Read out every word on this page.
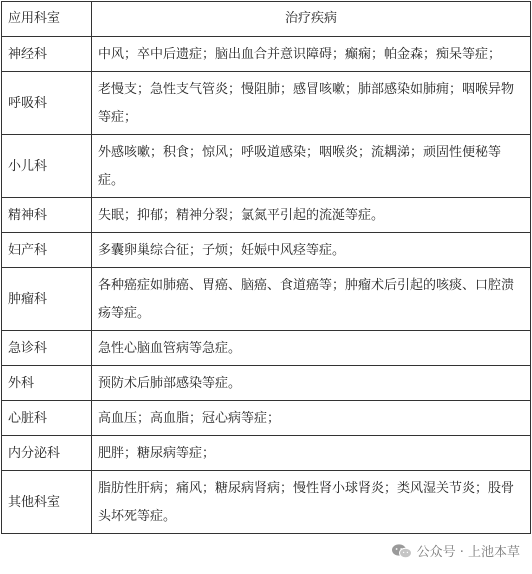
应用科室	治疗疾病
神经科	中风；卒中后遗症；脑出血合并意识障碍；癫痫；帕金森；痴呆等症；
呼吸科	老慢支；急性支气管炎；慢阻肺；感冒咳嗽；肺部感染如肺痈；咽喉异物等症；
小儿科	外感咳嗽；积食；惊风；呼吸道感染；咽喉炎；流耦涕；顽固性便秘等症。
精神科	失眠；抑郁；精神分裂；氯氮平引起的流涎等症。
妇产科	多囊卵巢综合征；子烦；妊娠中风痉等症。
肿瘤科	各种癌症如肺癌、胃癌、脑癌、食道癌等；肿瘤术后引起的咳痰、口腔溃疡等症。
急诊科	急性心脑血管病等急症。
外科	预防术后肺部感染等症。
心脏科	高血压；高血脂；冠心病等症；
内分泌科	肥胖；糖尿病等症；
其他科室	脂肪性肝病；痛风；糖尿病肾病；慢性肾小球肾炎；类风湿关节炎；股骨头坏死等症。
公众号 · 上池本草
